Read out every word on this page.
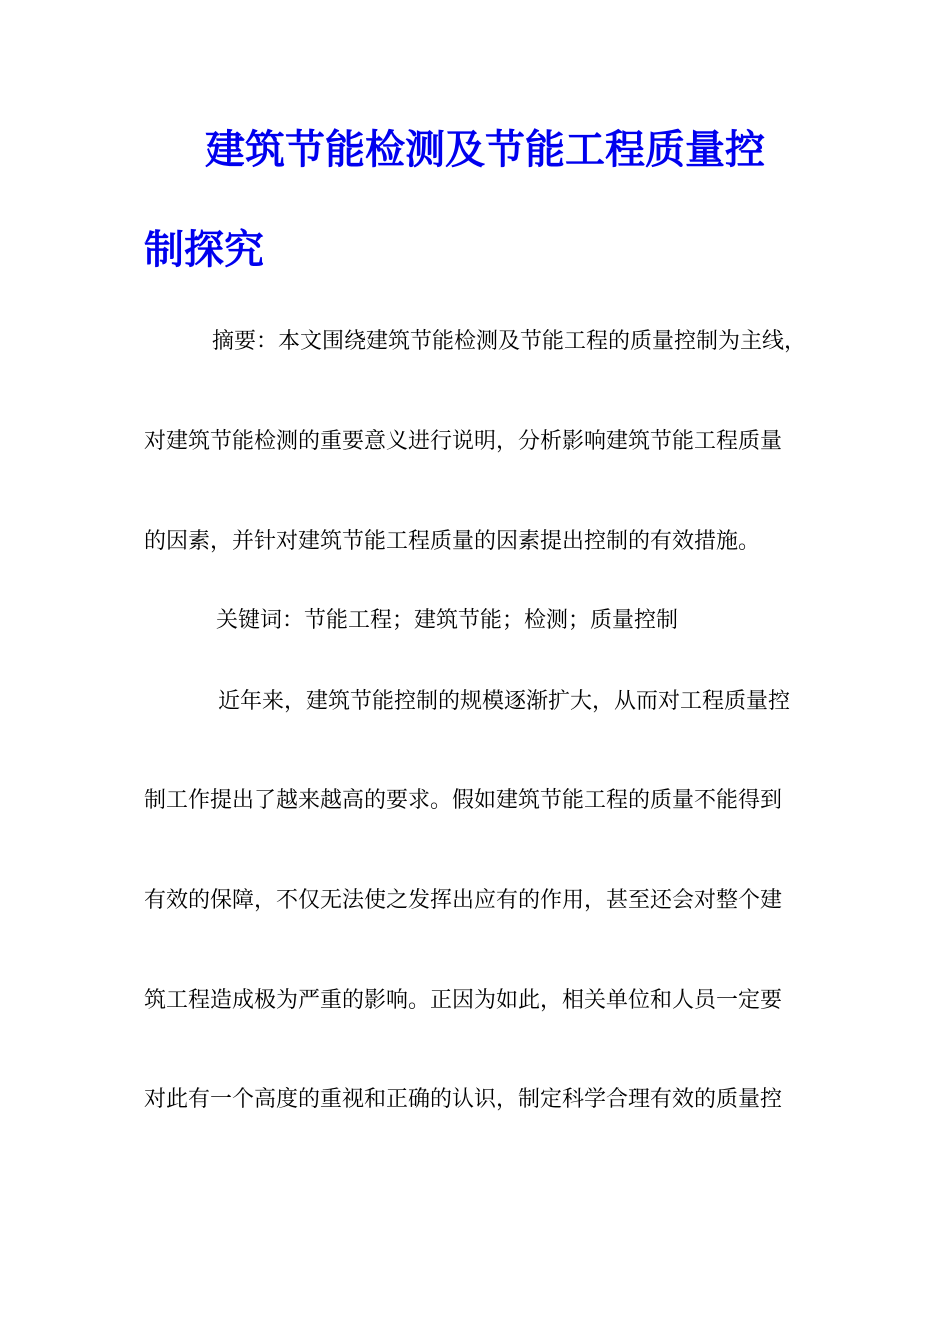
建筑节能检测及节能工程质量控
制探究

摘要：本文围绕建筑节能检测及节能工程的质量控制为主线，

对建筑节能检测的重要意义进行说明，分析影响建筑节能工程质量

的因素，并针对建筑节能工程质量的因素提出控制的有效措施。

关键词：节能工程；建筑节能；检测；质量控制

近年来，建筑节能控制的规模逐渐扩大，从而对工程质量控

制工作提出了越来越高的要求。假如建筑节能工程的质量不能得到

有效的保障，不仅无法使之发挥出应有的作用，甚至还会对整个建

筑工程造成极为严重的影响。正因为如此，相关单位和人员一定要

对此有一个高度的重视和正确的认识，制定科学合理有效的质量控
